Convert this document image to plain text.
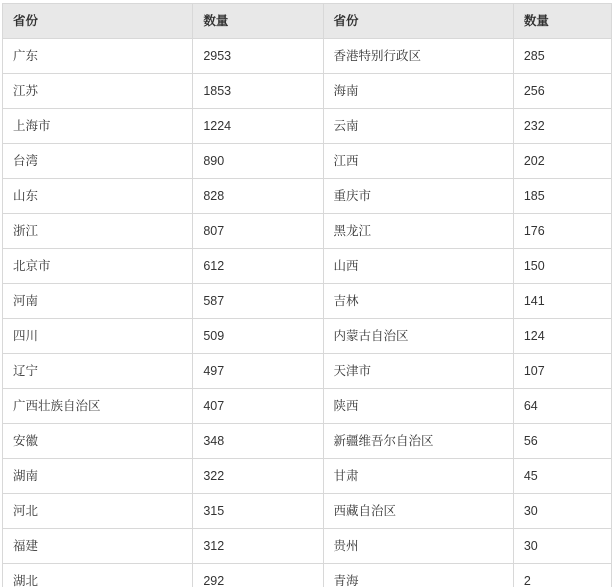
省份	数量	省份	数量
广东	2953	香港特别行政区	285
江苏	1853	海南	256
上海市	1224	云南	232
台湾	890	江西	202
山东	828	重庆市	185
浙江	807	黑龙江	176
北京市	612	山西	150
河南	587	吉林	141
四川	509	内蒙古自治区	124
辽宁	497	天津市	107
广西壮族自治区	407	陕西	64
安徽	348	新疆维吾尔自治区	56
湖南	322	甘肃	45
河北	315	西藏自治区	30
福建	312	贵州	30
湖北	292	青海	2
